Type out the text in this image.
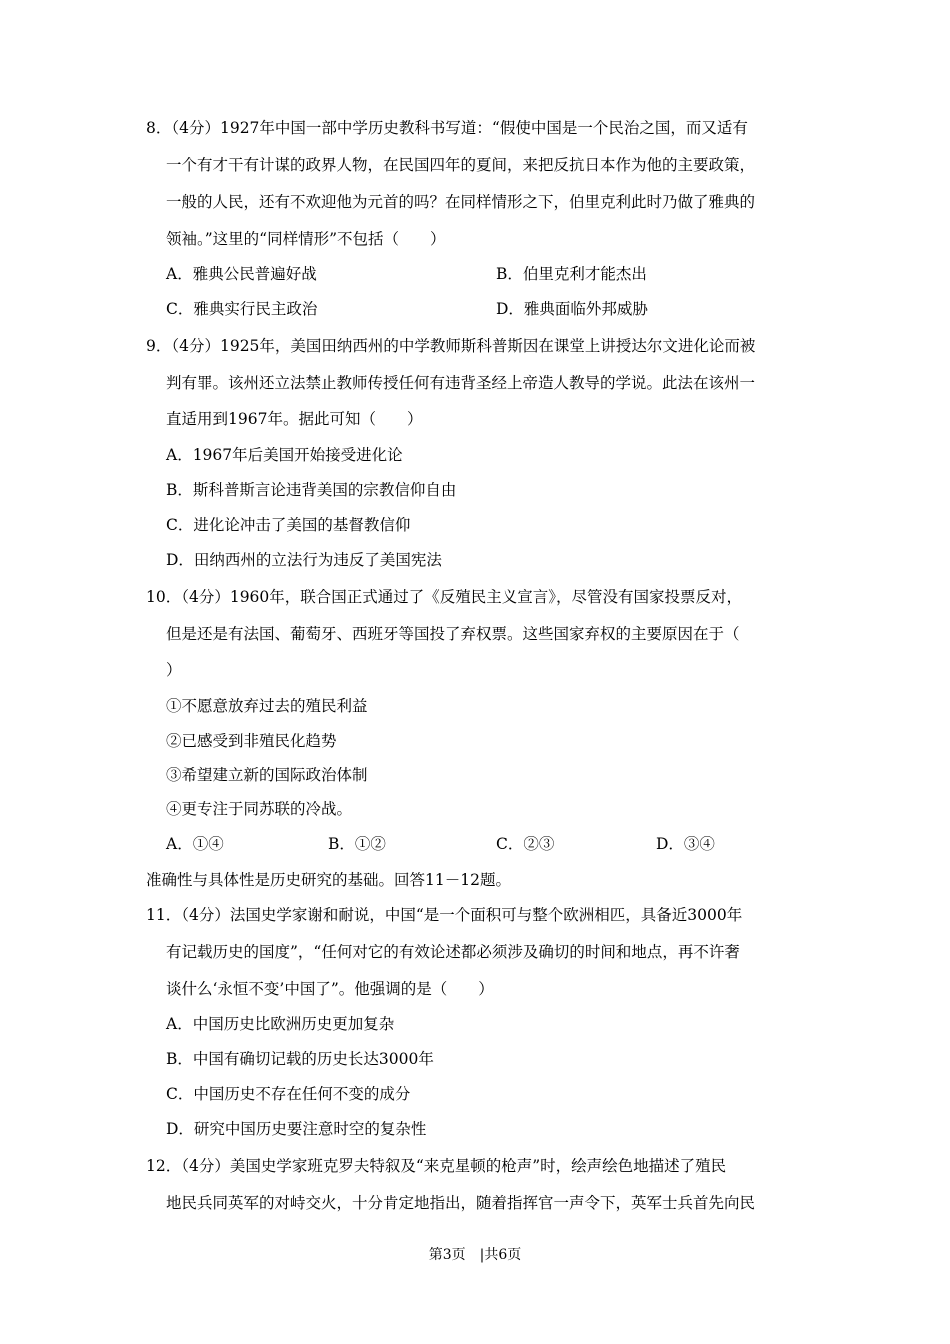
8．（4分）1927年中国一部中学历史教科书写道：“假使中国是一个民治之国，而又适有
一个有才干有计谋的政界人物，在民国四年的夏间，来把反抗日本作为他的主要政策，
一般的人民，还有不欢迎他为元首的吗？在同样情形之下，伯里克利此时乃做了雅典的
领袖。”这里的“同样情形”不包括（　　）
A．雅典公民普遍好战	B．伯里克利才能杰出
C．雅典实行民主政治	D．雅典面临外邦威胁
9．（4分）1925年，美国田纳西州的中学教师斯科普斯因在课堂上讲授达尔文进化论而被
判有罪。该州还立法禁止教师传授任何有违背圣经上帝造人教导的学说。此法在该州一
直适用到1967年。据此可知（　　）
A．1967年后美国开始接受进化论
B．斯科普斯言论违背美国的宗教信仰自由
C．进化论冲击了美国的基督教信仰
D．田纳西州的立法行为违反了美国宪法
10．（4分）1960年，联合国正式通过了《反殖民主义宣言》，尽管没有国家投票反对，
但是还是有法国、葡萄牙、西班牙等国投了弃权票。这些国家弃权的主要原因在于（
）
①不愿意放弃过去的殖民利益
②已感受到非殖民化趋势
③希望建立新的国际政治体制
④更专注于同苏联的冷战。
A．①④	B．①②	C．②③	D．③④
准确性与具体性是历史研究的基础。回答11－12题。
11．（4分）法国史学家谢和耐说，中国“是一个面积可与整个欧洲相匹，具备近3000年
有记载历史的国度”，“任何对它的有效论述都必须涉及确切的时间和地点，再不许奢
谈什么‘永恒不变’中国了”。他强调的是（　　）
A．中国历史比欧洲历史更加复杂
B．中国有确切记载的历史长达3000年
C．中国历史不存在任何不变的成分
D．研究中国历史要注意时空的复杂性
12．（4分）美国史学家班克罗夫特叙及“来克星顿的枪声”时，绘声绘色地描述了殖民
地民兵同英军的对峙交火，十分肯定地指出，随着指挥官一声令下，英军士兵首先向民
第3页　|共6页
